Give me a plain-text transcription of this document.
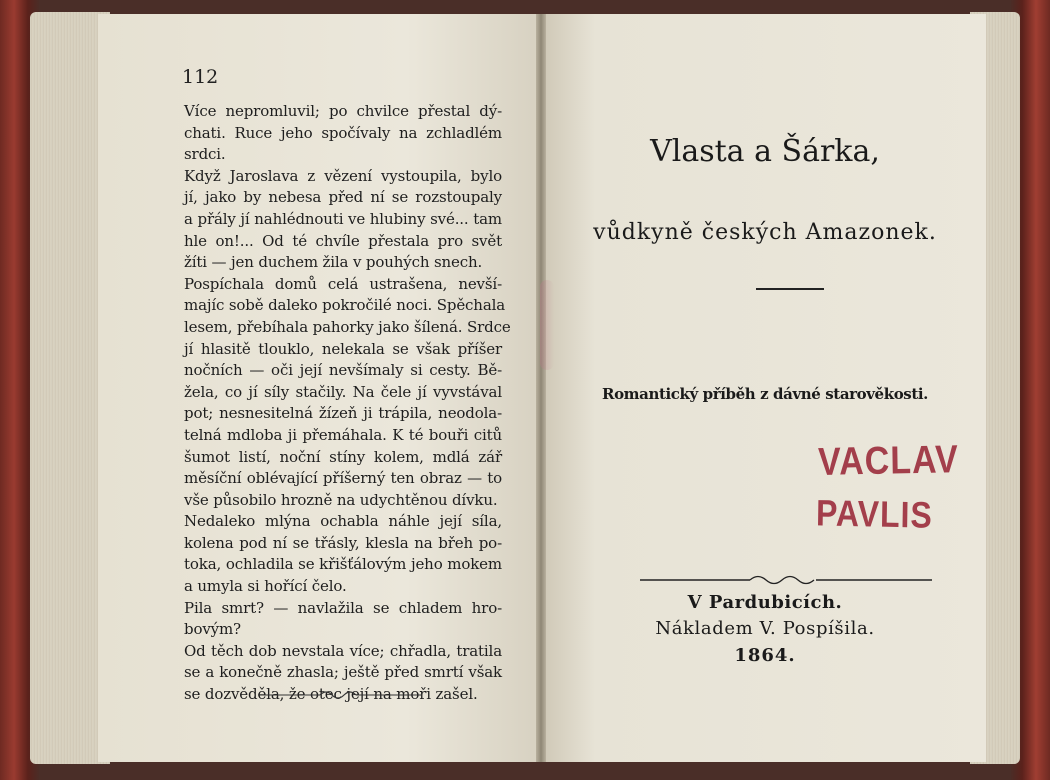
112
Více nepromluvil; po chvilce přestal dý-
chati. Ruce jeho spočívaly na zchladlém
srdci.
Když Jaroslava z vězení vystoupila, bylo
jí, jako by nebesa před ní se rozstoupaly
a přály jí nahlédnouti ve hlubiny své... tam
hle on!... Od té chvíle přestala pro svět
žíti — jen duchem žila v pouhých snech.
Pospíchala domů celá ustrašena, nevší-
majíc sobě daleko pokročilé noci. Spěchala
lesem, přebíhala pahorky jako šílená. Srdce
jí hlasitě tlouklo, nelekala se však příšer
nočních — oči její nevšímaly si cesty. Bě-
žela, co jí síly stačily. Na čele jí vyvstával
pot; nesnesitelná žízeň ji trápila, neodola-
telná mdloba ji přemáhala. K té bouři citů
šumot listí, noční stíny kolem, mdlá zář
měsíční oblévající příšerný ten obraz — to
vše působilo hrozně na udychtěnou dívku.
Nedaleko mlýna ochabla náhle její síla,
kolena pod ní se třásly, klesla na břeh po-
toka, ochladila se křišťálovým jeho mokem
a umyla si hořící čelo.
Pila smrt? — navlažila se chladem hro-
bovým?
Od těch dob nevstala více; chřadla, tratila
se a konečně zhasla; ještě před smrtí však
se dozvěděla, že otec její na moři zašel.
Vlasta a Šárka,
vůdkyně českých Amazonek.
Romantický příběh z dávné starověkosti.
VACLAV
PAVLIS
V Pardubicích.
Nákladem V. Pospíšila.
1864.
